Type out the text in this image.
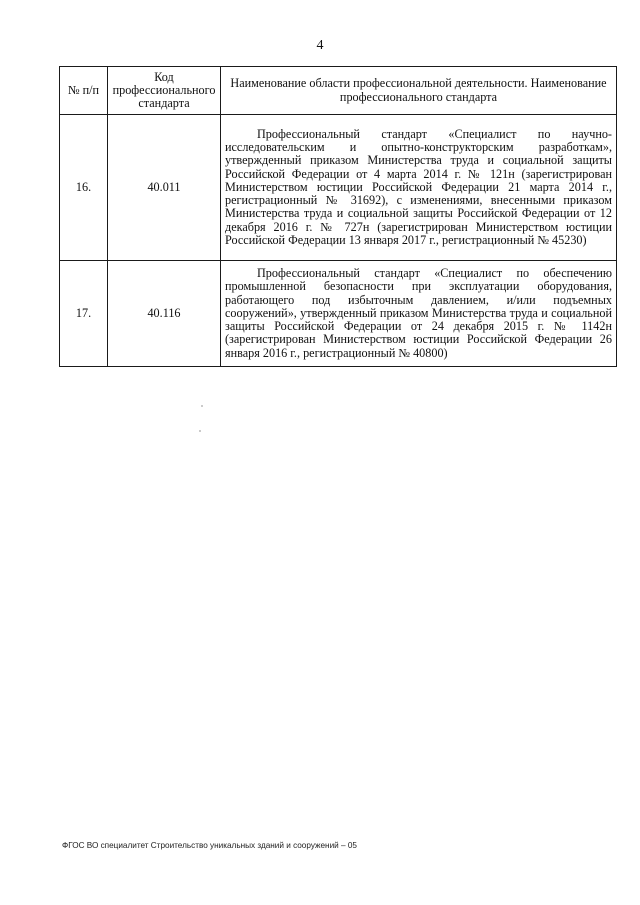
4
№ п/п	Код профессионального стандарта	Наименование области профессиональной деятельности. Наименование профессионального стандарта
16.	40.011	Профессиональный стандарт «Специалист по научно-исследовательским и опытно-конструкторским разработкам», утвержденный приказом Министерства труда и социальной защиты Российской Федерации от 4 марта 2014 г. № 121н (зарегистрирован Министерством юстиции Российской Федерации 21 марта 2014 г., регистрационный № 31692), с изменениями, внесенными приказом Министерства труда и социальной защиты Российской Федерации от 12 декабря 2016 г. № 727н (зарегистрирован Министерством юстиции Российской Федерации 13 января 2017 г., регистрационный № 45230)
17.	40.116	Профессиональный стандарт «Специалист по обеспечению промышленной безопасности при эксплуатации оборудования, работающего под избыточным давлением, и/или подъемных сооружений», утвержденный приказом Министерства труда и социальной защиты Российской Федерации от 24 декабря 2015 г. № 1142н (зарегистрирован Министерством юстиции Российской Федерации 26 января 2016 г., регистрационный № 40800)
ФГОС ВО специалитет Строительство уникальных зданий и сооружений – 05
